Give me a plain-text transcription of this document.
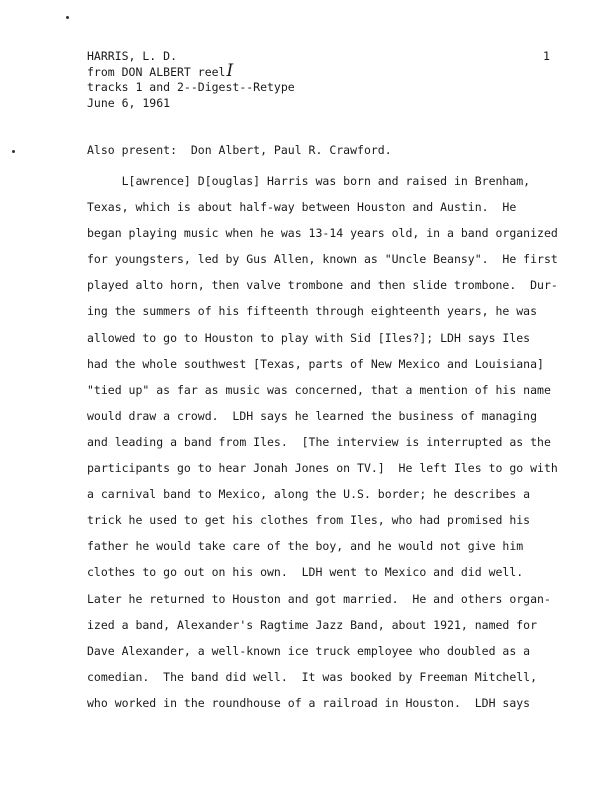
1
HARRIS, L. D.
from DON ALBERT reelI
tracks 1 and 2--Digest--Retype
June 6, 1961
Also present:  Don Albert, Paul R. Crawford.
L[awrence] D[ouglas] Harris was born and raised in Brenham,
Texas, which is about half-way between Houston and Austin.  He
began playing music when he was 13-14 years old, in a band organized
for youngsters, led by Gus Allen, known as "Uncle Beansy".  He first
played alto horn, then valve trombone and then slide trombone.  Dur-
ing the summers of his fifteenth through eighteenth years, he was
allowed to go to Houston to play with Sid [Iles?]; LDH says Iles
had the whole southwest [Texas, parts of New Mexico and Louisiana]
"tied up" as far as music was concerned, that a mention of his name
would draw a crowd.  LDH says he learned the business of managing
and leading a band from Iles.  [The interview is interrupted as the
participants go to hear Jonah Jones on TV.]  He left Iles to go with
a carnival band to Mexico, along the U.S. border; he describes a
trick he used to get his clothes from Iles, who had promised his
father he would take care of the boy, and he would not give him
clothes to go out on his own.  LDH went to Mexico and did well.
Later he returned to Houston and got married.  He and others organ-
ized a band, Alexander's Ragtime Jazz Band, about 1921, named for
Dave Alexander, a well-known ice truck employee who doubled as a
comedian.  The band did well.  It was booked by Freeman Mitchell,
who worked in the roundhouse of a railroad in Houston.  LDH says
